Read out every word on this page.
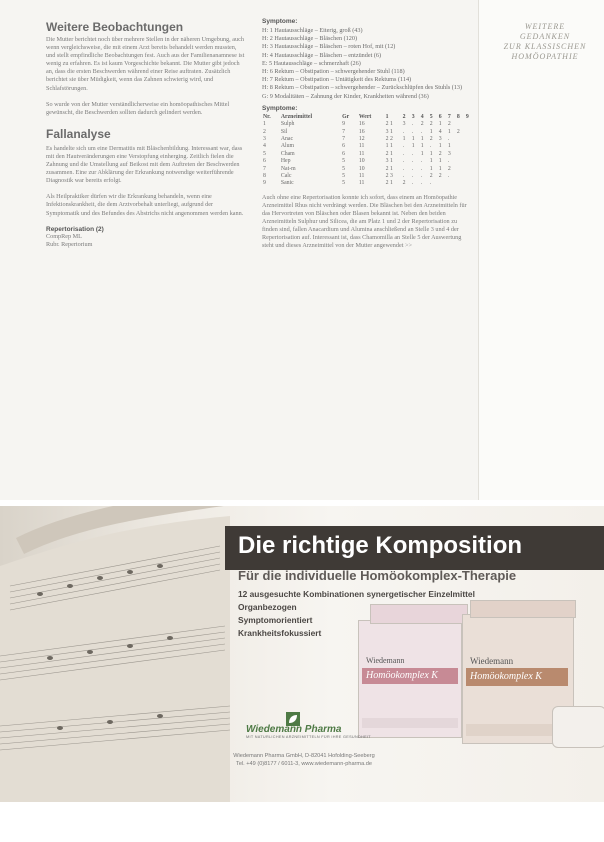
WEITERE
GEDANKEN
ZUR KLASSISCHEN
HOMÖOPATHIE
Weitere Beobachtungen

Die Mutter berichtet noch über mehrere Stellen in der näheren Umgebung, auch wenn vergleichsweise, die mit einem Arzt bereits behandelt werden mussten, und stellt empfindliche Beobachtungen fest. Auch aus der Familienanamnese ist wenig zu erfahren. Es ist kaum Vorgeschichte bekannt. Die Mutter gibt jedoch an, dass die ersten Beschwerden während einer Reise auftraten. Zusätzlich berichtet sie über Müdigkeit, wenn das Zahnen schwierig wird, und Schlafstörungen.

So wurde von der Mutter verständlicherweise ein homöopathisches Mittel gewünscht, die Beschwerden sollten dadurch gelindert werden.

Fallanalyse

Es handelte sich um eine Dermatitis mit Bläschenbildung. Interessant war, dass mit den Hautveränderungen eine Verstopfung einherging. Zeitlich fielen die Zahnung und die Umstellung auf Beikost mit dem Auftreten der Beschwerden zusammen. Eine zur Abklärung der Erkrankung notwendige weiterführende Diagnostik war bereits erfolgt.

Als Heilpraktiker dürfen wir die Erkrankung behandeln, wenn eine Infektionskrankheit, die dem Arztvorbehalt unterliegt, aufgrund der Symptomatik und des Befundes des Abstrichs nicht angenommen werden kann.

Repertorisation (2)

CompRep ML

Rubr. Repertorium

Symptome:

H: 1 Hautausschläge – Eiterig, groß (43)
H: 2 Hautausschläge – Bläschen (120)
H: 3 Hautausschläge – Bläschen – roten Hof, mit (12)
H: 4 Hautausschläge – Bläschen – entzündet (6)
E: 5 Hautausschläge – schmerzhaft (26)
H: 6 Rektum – Obstipation – schwergehender Stuhl (118)
H: 7 Rektum – Obstipation – Untätigkeit des Rektums (114)
H: 8 Rektum – Obstipation – schwergehender – Zurückschlüpfen des Stuhls (13)
G: 9 Modalitäten – Zahnung der Kinder, Krankheiten während (36)

Symptome:

Nr.	Arzneimittel	Gr	Wert	1	2	3	4	5	6	7	8	9
1	Sulph	9	16	2 1	3	.	2	2	1	2		
2	Sil	7	16	3 1	.	.	.	1	4	1	2	
3	Anac	7	12	2 2	1	1	1	2	3	.		
4	Alum	6	11	1 1	.	1	1	.	1	1		
5	Cham	6	11	2 1	.	.	1	1	2	3		
6	Hep	5	10	3 1	.	.	.	1	1	.		
7	Nat-m	5	10	2 1	.	.	.	1	1	2		
8	Calc	5	11	2 3	.	.	.	2	2	.		
9	Sanic	5	11	2 1	2	.	.	.				

Auch ohne eine Repertorisation konnte ich sofort, dass einem an Homöopathie Arzneimittel Rhus nicht verdrängt werden. Die Bläschen bei den Arzneimitteln für das Hervortreten von Bläschen oder Blasen bekannt ist. Neben den beiden Arzneimitteln Sulphur und Silicea, die am Platz 1 und 2 der Repertorisation zu finden sind, fallen Anacardium und Alumina anschließend an Stelle 3 und 4 der Repertorisation auf. Interessant ist, dass Chamomilla an Stelle 5 der Auswertung steht und dieses Arzneimittel von der Mutter angewendet >>

Die richtige Komposition
Für die individuelle Homöokomplex-Therapie
12 ausgesuchte Kombinationen synergetischer Einzelmittel
Organbezogen
Symptomorientiert
Krankheitsfokussiert
Wiedemann
Homöokomplex K
Wiedemann
Homöokomplex K
Wiedemann Pharma
MIT NATURLICHEN ARZNEIMITTELN FÜR IHRE GESUNDHEIT
Wiedemann Pharma GmbH, D-82041 Hofolding-Seeberg
Tel. +49 (0)8177 / 6011-3, www.wiedemann-pharma.de
